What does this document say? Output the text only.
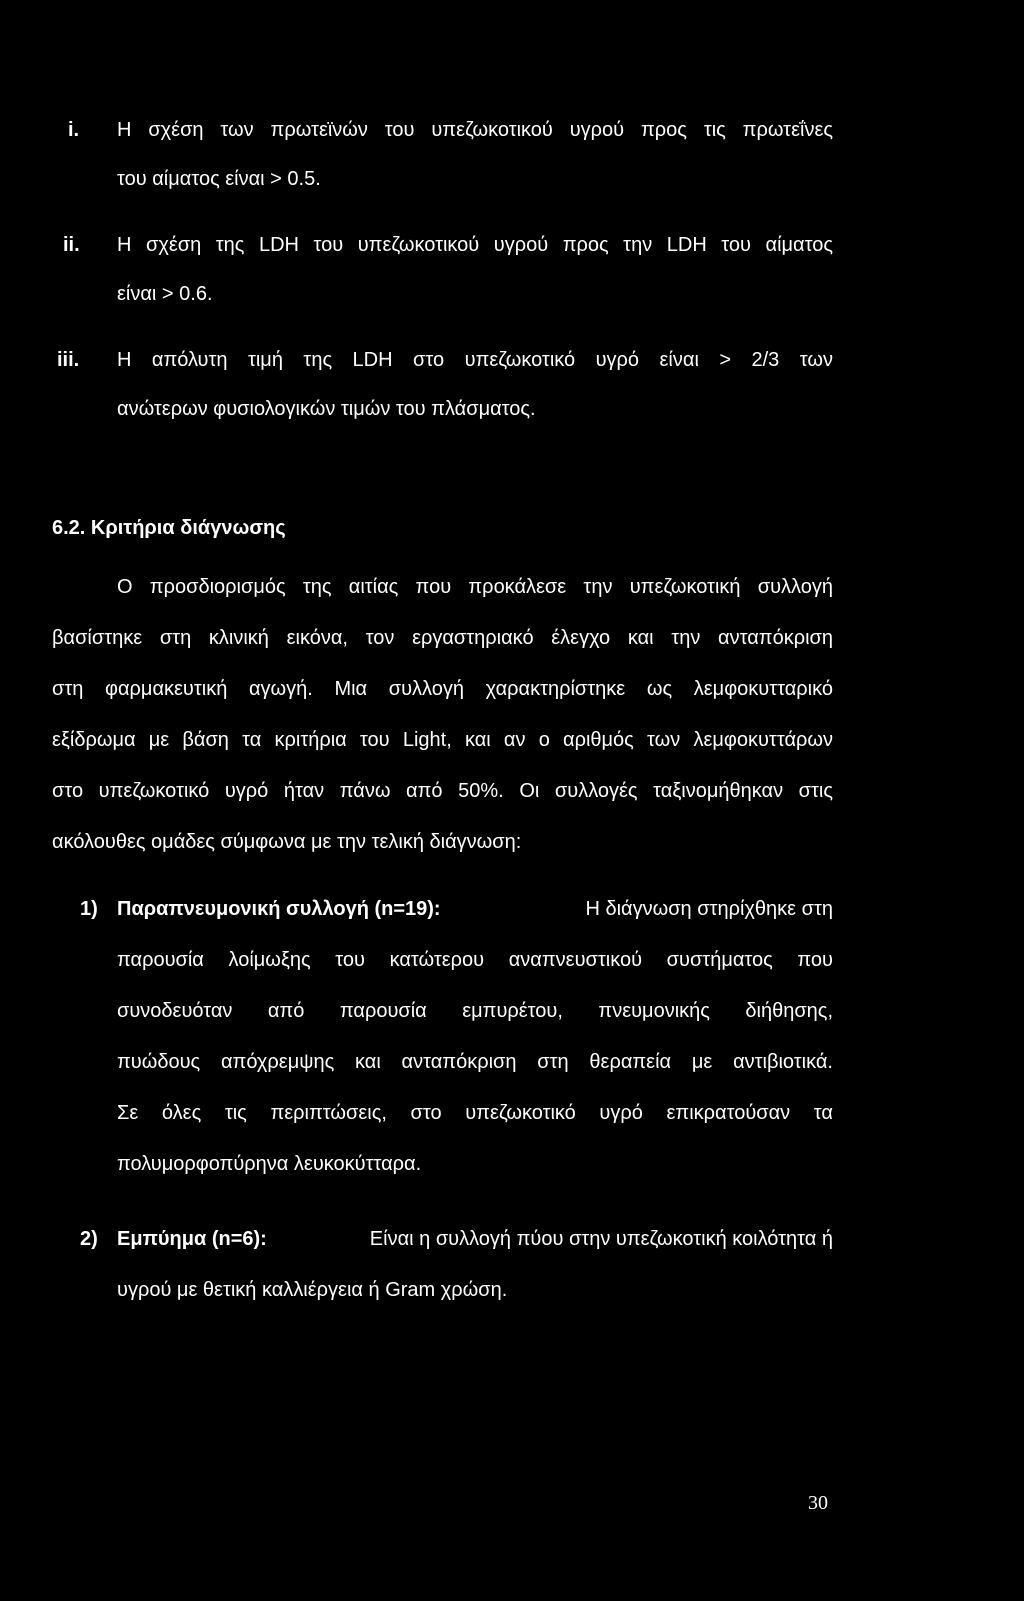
i. Η σχέση των πρωτεϊνών του υπεζωκοτικού υγρού προς τις πρωτεΐνες
του αίματος είναι > 0.5.
ii. Η σχέση της LDH του υπεζωκοτικού υγρού προς την LDH του αίματος
είναι > 0.6.
iii. Η απόλυτη τιμή της LDH στο υπεζωκοτικό υγρό είναι > 2/3 των
ανώτερων φυσιολογικών τιμών του πλάσματος.
6.2. Κριτήρια διάγνωσης
Ο προσδιορισμός της αιτίας που προκάλεσε την υπεζωκοτική συλλογή
βασίστηκε στη κλινική εικόνα, τον εργαστηριακό έλεγχο και την ανταπόκριση
στη φαρμακευτική αγωγή. Μια συλλογή χαρακτηρίστηκε ως λεμφοκυτταρικό
εξίδρωμα με βάση τα κριτήρια του Light, και αν ο αριθμός των λεμφοκυττάρων
στο υπεζωκοτικό υγρό ήταν πάνω από 50%. Οι συλλογές ταξινομήθηκαν στις
ακόλουθες ομάδες σύμφωνα με την τελική διάγνωση:
1) Παραπνευμονική συλλογή (n=19):	Η διάγνωση στηρίχθηκε στη
παρουσία λοίμωξης του κατώτερου αναπνευστικού συστήματος που
συνοδευόταν από παρουσία εμπυρέτου, πνευμονικής διήθησης,
πυώδους απόχρεμψης και ανταπόκριση στη θεραπεία με αντιβιοτικά.
Σε όλες τις περιπτώσεις, στο υπεζωκοτικό υγρό επικρατούσαν τα
πολυμορφοπύρηνα λευκοκύτταρα.
2) Εμπύημα (n=6):	Είναι η συλλογή πύου στην υπεζωκοτική κοιλότητα ή
υγρού με θετική καλλιέργεια ή Gram χρώση.
30
